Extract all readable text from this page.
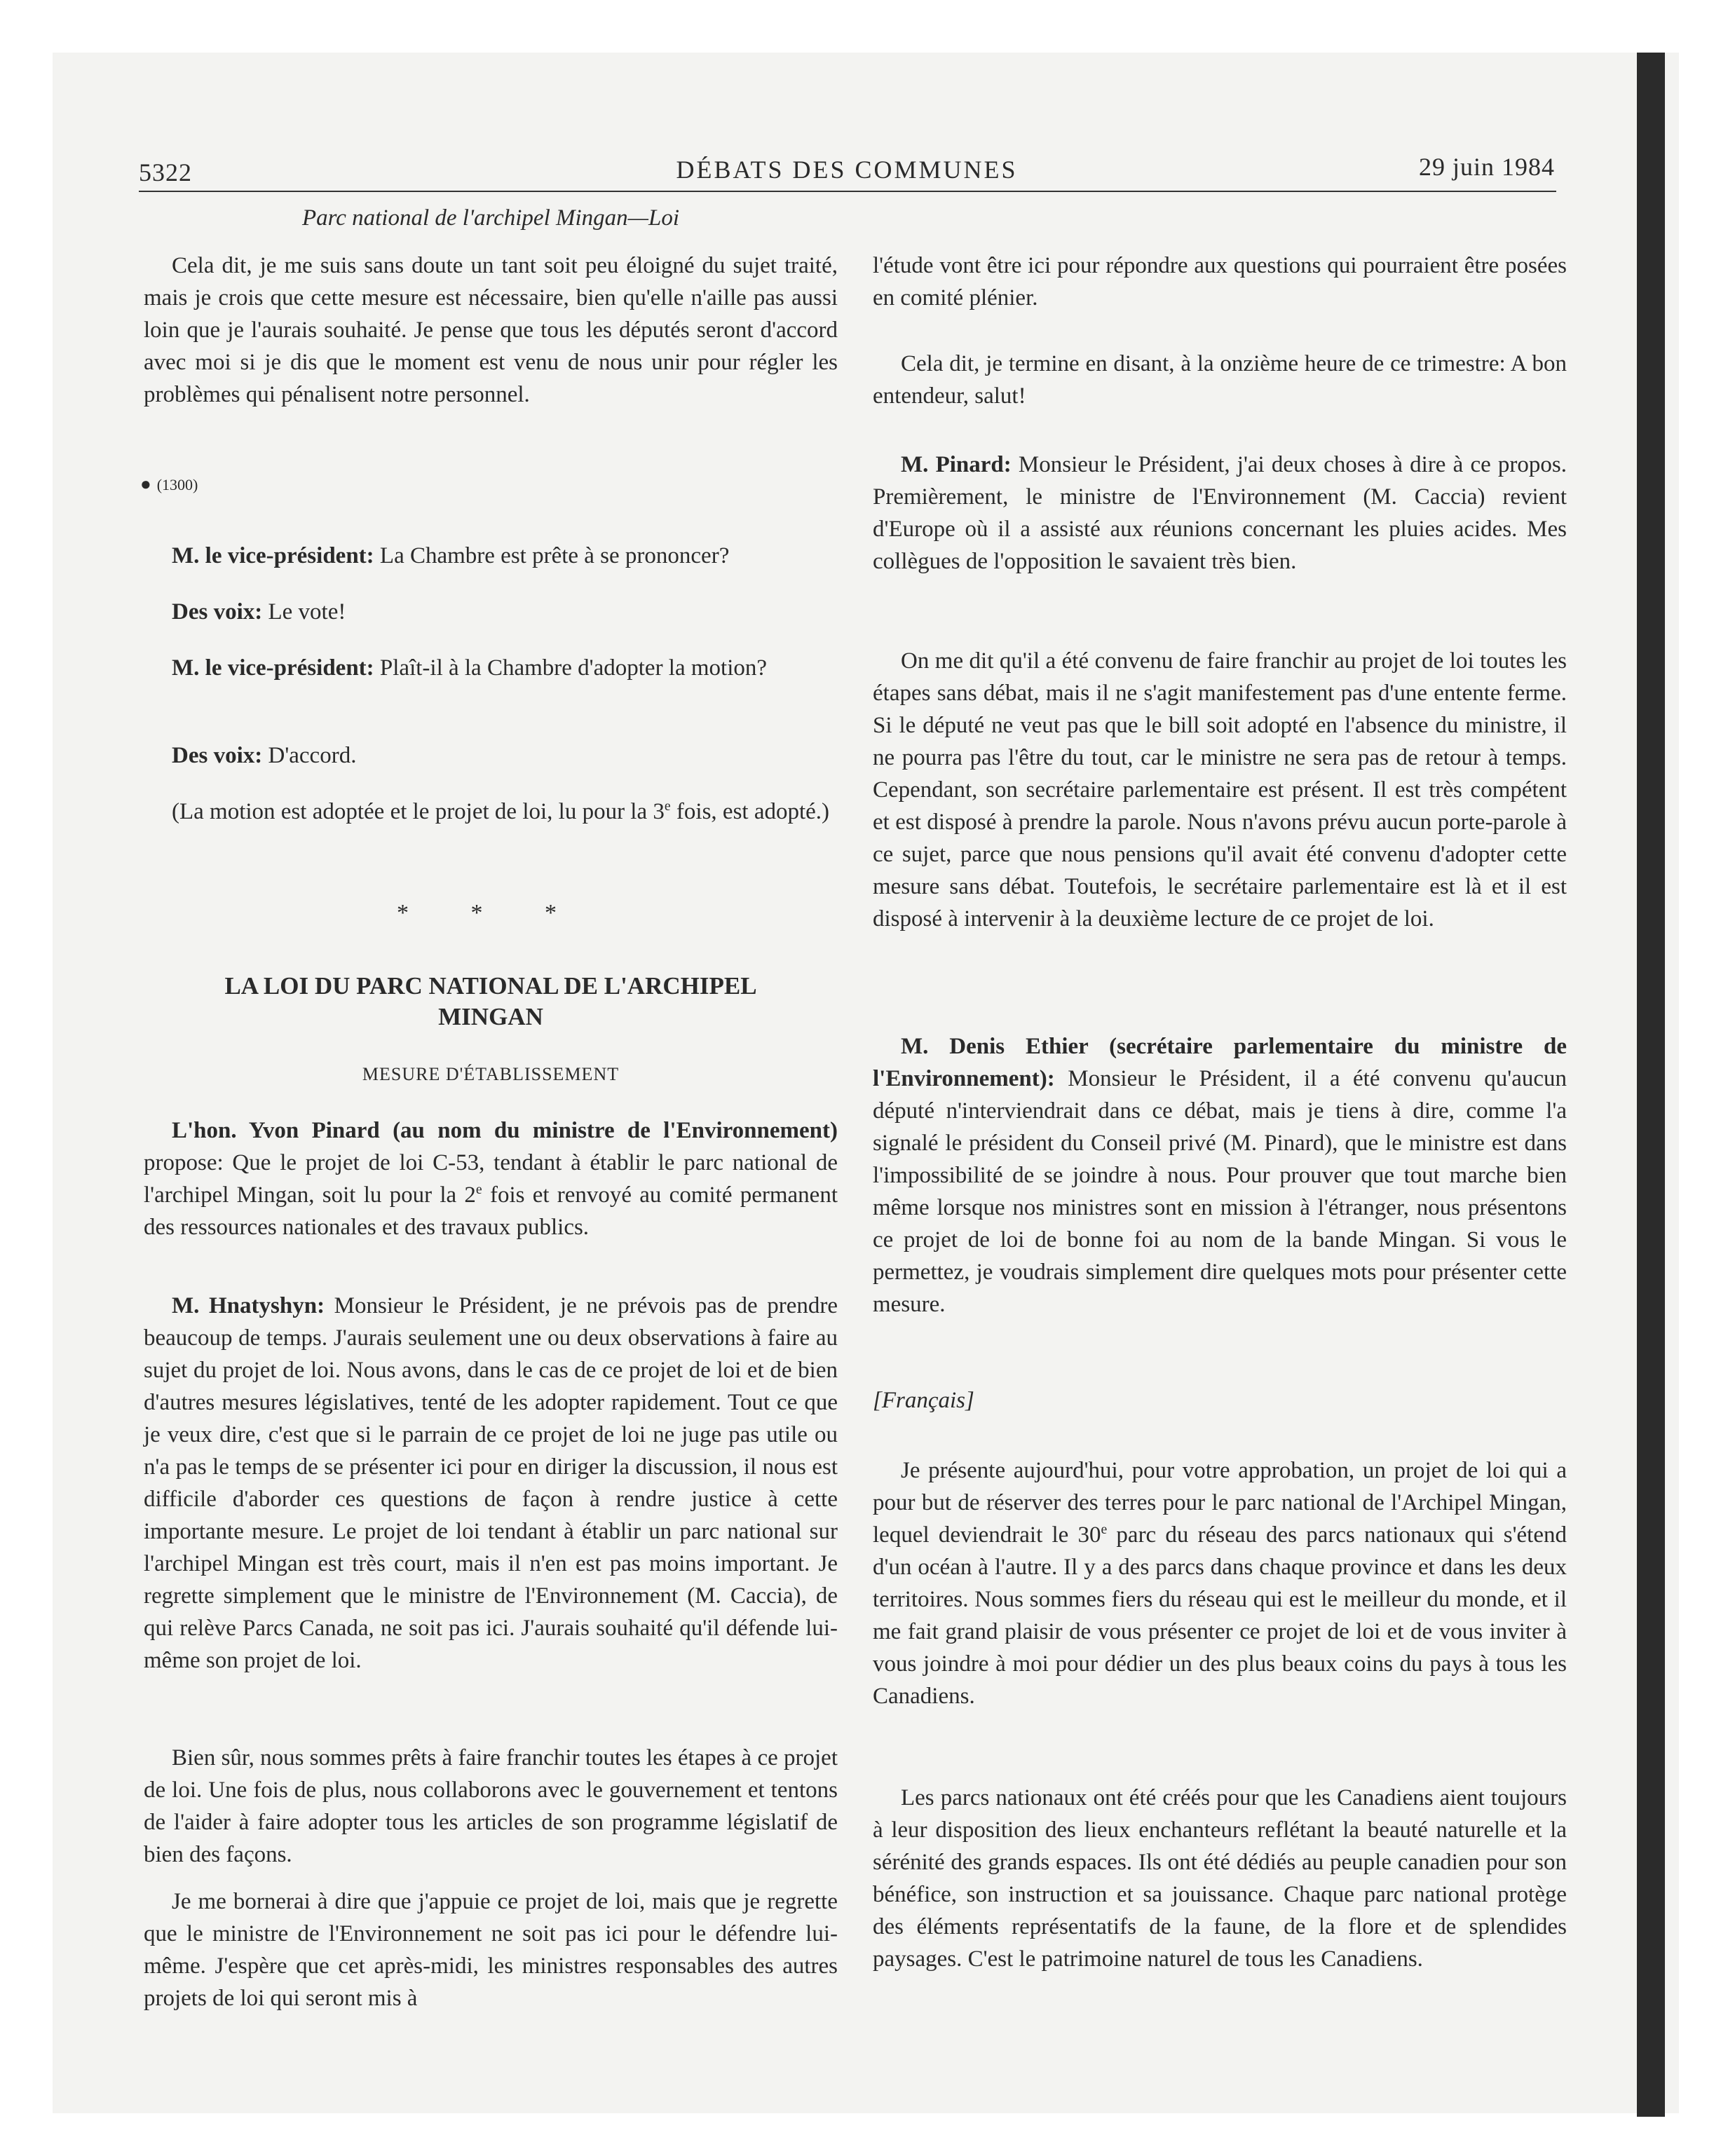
5322	DÉBATS DES COMMUNES	29 juin 1984

Parc national de l'archipel Mingan—Loi

Cela dit, je me suis sans doute un tant soit peu éloigné du sujet traité, mais je crois que cette mesure est nécessaire, bien qu'elle n'aille pas aussi loin que je l'aurais souhaité. Je pense que tous les députés seront d'accord avec moi si je dis que le moment est venu de nous unir pour régler les problèmes qui pénalisent notre personnel.

● (1300)

M. le vice-président: La Chambre est prête à se prononcer?

Des voix: Le vote!

M. le vice-président: Plaît-il à la Chambre d'adopter la motion?

Des voix: D'accord.

(La motion est adoptée et le projet de loi, lu pour la 3e fois, est adopté.)

* * *

LA LOI DU PARC NATIONAL DE L'ARCHIPEL
MINGAN

MESURE D'ÉTABLISSEMENT

L'hon. Yvon Pinard (au nom du ministre de l'Environnement) propose: Que le projet de loi C-53, tendant à établir le parc national de l'archipel Mingan, soit lu pour la 2e fois et renvoyé au comité permanent des ressources nationales et des travaux publics.

M. Hnatyshyn: Monsieur le Président, je ne prévois pas de prendre beaucoup de temps. J'aurais seulement une ou deux observations à faire au sujet du projet de loi. Nous avons, dans le cas de ce projet de loi et de bien d'autres mesures législatives, tenté de les adopter rapidement. Tout ce que je veux dire, c'est que si le parrain de ce projet de loi ne juge pas utile ou n'a pas le temps de se présenter ici pour en diriger la discussion, il nous est difficile d'aborder ces questions de façon à rendre justice à cette importante mesure. Le projet de loi tendant à établir un parc national sur l'archipel Mingan est très court, mais il n'en est pas moins important. Je regrette simplement que le ministre de l'Environnement (M. Caccia), de qui relève Parcs Canada, ne soit pas ici. J'aurais souhaité qu'il défende lui-même son projet de loi.

Bien sûr, nous sommes prêts à faire franchir toutes les étapes à ce projet de loi. Une fois de plus, nous collaborons avec le gouvernement et tentons de l'aider à faire adopter tous les articles de son programme législatif de bien des façons.

Je me bornerai à dire que j'appuie ce projet de loi, mais que je regrette que le ministre de l'Environnement ne soit pas ici pour le défendre lui-même. J'espère que cet après-midi, les ministres responsables des autres projets de loi qui seront mis à

l'étude vont être ici pour répondre aux questions qui pourraient être posées en comité plénier.

Cela dit, je termine en disant, à la onzième heure de ce trimestre: A bon entendeur, salut!

M. Pinard: Monsieur le Président, j'ai deux choses à dire à ce propos. Premièrement, le ministre de l'Environnement (M. Caccia) revient d'Europe où il a assisté aux réunions concernant les pluies acides. Mes collègues de l'opposition le savaient très bien.

On me dit qu'il a été convenu de faire franchir au projet de loi toutes les étapes sans débat, mais il ne s'agit manifestement pas d'une entente ferme. Si le député ne veut pas que le bill soit adopté en l'absence du ministre, il ne pourra pas l'être du tout, car le ministre ne sera pas de retour à temps. Cependant, son secrétaire parlementaire est présent. Il est très compétent et est disposé à prendre la parole. Nous n'avons prévu aucun porte-parole à ce sujet, parce que nous pensions qu'il avait été convenu d'adopter cette mesure sans débat. Toutefois, le secrétaire parlementaire est là et il est disposé à intervenir à la deuxième lecture de ce projet de loi.

M. Denis Ethier (secrétaire parlementaire du ministre de l'Environnement): Monsieur le Président, il a été convenu qu'aucun député n'interviendrait dans ce débat, mais je tiens à dire, comme l'a signalé le président du Conseil privé (M. Pinard), que le ministre est dans l'impossibilité de se joindre à nous. Pour prouver que tout marche bien même lorsque nos ministres sont en mission à l'étranger, nous présentons ce projet de loi de bonne foi au nom de la bande Mingan. Si vous le permettez, je voudrais simplement dire quelques mots pour présenter cette mesure.

[Français]

Je présente aujourd'hui, pour votre approbation, un projet de loi qui a pour but de réserver des terres pour le parc national de l'Archipel Mingan, lequel deviendrait le 30e parc du réseau des parcs nationaux qui s'étend d'un océan à l'autre. Il y a des parcs dans chaque province et dans les deux territoires. Nous sommes fiers du réseau qui est le meilleur du monde, et il me fait grand plaisir de vous présenter ce projet de loi et de vous inviter à vous joindre à moi pour dédier un des plus beaux coins du pays à tous les Canadiens.

Les parcs nationaux ont été créés pour que les Canadiens aient toujours à leur disposition des lieux enchanteurs reflétant la beauté naturelle et la sérénité des grands espaces. Ils ont été dédiés au peuple canadien pour son bénéfice, son instruction et sa jouissance. Chaque parc national protège des éléments représentatifs de la faune, de la flore et de splendides paysages. C'est le patrimoine naturel de tous les Canadiens.
